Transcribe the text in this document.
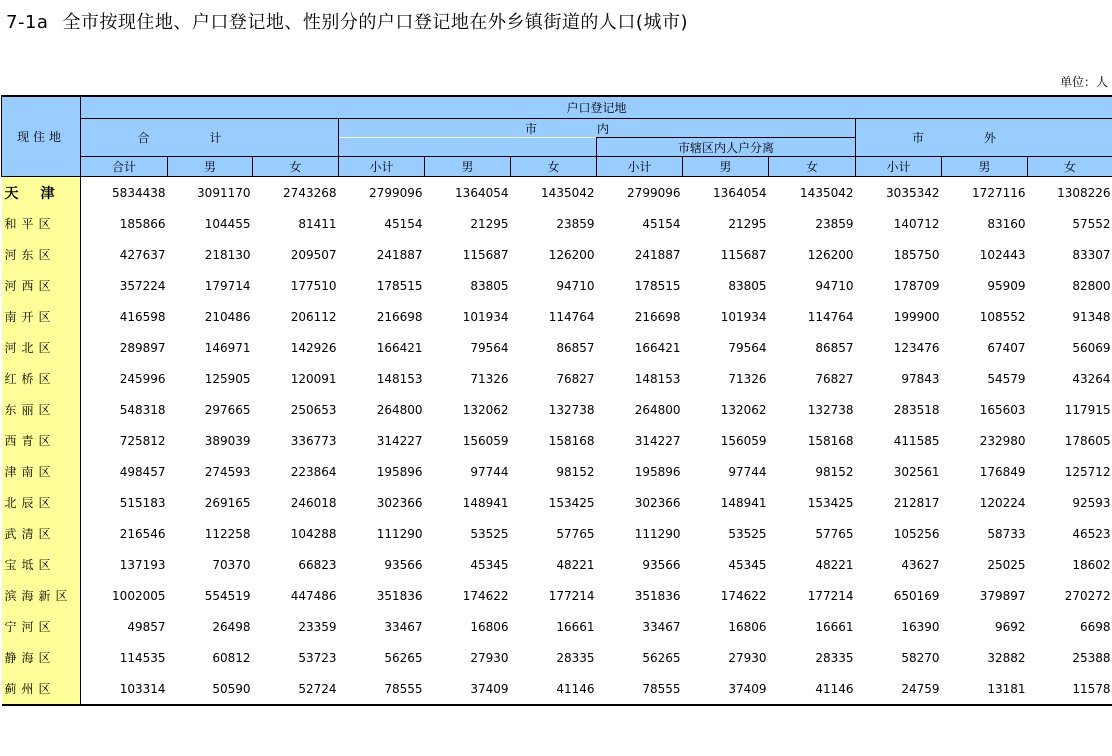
7-1a 全市按现住地、户口登记地、性别分的户口登记地在外乡镇街道的人口(城市)
单位：人
现住地	户口登记地											
	合计			市内						市外		
							市辖区内人户分离					
	合计	男	女	小计	男	女	小计	男	女	小计	男	女
天津	5834438	3091170	2743268	2799096	1364054	1435042	2799096	1364054	1435042	3035342	1727116	1308226
和平区	185866	104455	81411	45154	21295	23859	45154	21295	23859	140712	83160	57552
河东区	427637	218130	209507	241887	115687	126200	241887	115687	126200	185750	102443	83307
河西区	357224	179714	177510	178515	83805	94710	178515	83805	94710	178709	95909	82800
南开区	416598	210486	206112	216698	101934	114764	216698	101934	114764	199900	108552	91348
河北区	289897	146971	142926	166421	79564	86857	166421	79564	86857	123476	67407	56069
红桥区	245996	125905	120091	148153	71326	76827	148153	71326	76827	97843	54579	43264
东丽区	548318	297665	250653	264800	132062	132738	264800	132062	132738	283518	165603	117915
西青区	725812	389039	336773	314227	156059	158168	314227	156059	158168	411585	232980	178605
津南区	498457	274593	223864	195896	97744	98152	195896	97744	98152	302561	176849	125712
北辰区	515183	269165	246018	302366	148941	153425	302366	148941	153425	212817	120224	92593
武清区	216546	112258	104288	111290	53525	57765	111290	53525	57765	105256	58733	46523
宝坻区	137193	70370	66823	93566	45345	48221	93566	45345	48221	43627	25025	18602
滨海新区	1002005	554519	447486	351836	174622	177214	351836	174622	177214	650169	379897	270272
宁河区	49857	26498	23359	33467	16806	16661	33467	16806	16661	16390	9692	6698
静海区	114535	60812	53723	56265	27930	28335	56265	27930	28335	58270	32882	25388
蓟州区	103314	50590	52724	78555	37409	41146	78555	37409	41146	24759	13181	11578
